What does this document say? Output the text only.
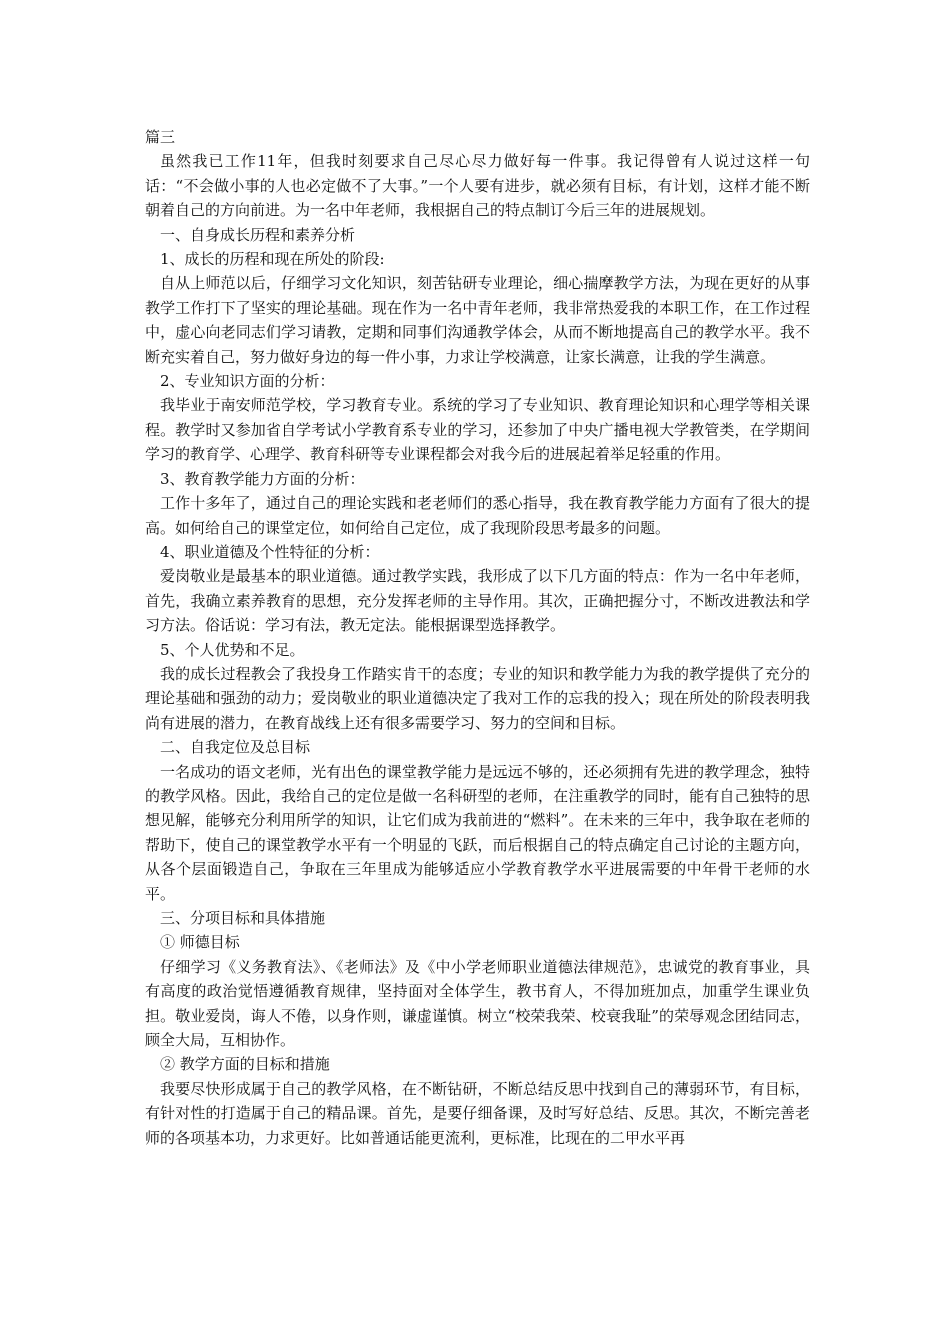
篇三

虽然我已工作11年，但我时刻要求自己尽心尽力做好每一件事。我记得曾有人说过这样一句话：“不会做小事的人也必定做不了大事。”一个人要有进步，就必须有目标，有计划，这样才能不断朝着自己的方向前进。为一名中年老师，我根据自己的特点制订今后三年的进展规划。

一、自身成长历程和素养分析

1、成长的历程和现在所处的阶段:

自从上师范以后，仔细学习文化知识，刻苦钻研专业理论，细心揣摩教学方法，为现在更好的从事教学工作打下了坚实的理论基础。现在作为一名中青年老师，我非常热爱我的本职工作，在工作过程中，虚心向老同志们学习请教，定期和同事们沟通教学体会，从而不断地提高自己的教学水平。我不断充实着自己，努力做好身边的每一件小事，力求让学校满意，让家长满意，让我的学生满意。

2、专业知识方面的分析：

我毕业于南安师范学校，学习教育专业。系统的学习了专业知识、教育理论知识和心理学等相关课程。教学时又参加省自学考试小学教育系专业的学习，还参加了中央广播电视大学教管类，在学期间学习的教育学、心理学、教育科研等专业课程都会对我今后的进展起着举足轻重的作用。

3、教育教学能力方面的分析：

工作十多年了，通过自己的理论实践和老老师们的悉心指导，我在教育教学能力方面有了很大的提高。如何给自己的课堂定位，如何给自己定位，成了我现阶段思考最多的问题。

4、职业道德及个性特征的分析：

爱岗敬业是最基本的职业道德。通过教学实践，我形成了以下几方面的特点：作为一名中年老师，首先，我确立素养教育的思想，充分发挥老师的主导作用。其次，正确把握分寸，不断改进教法和学习方法。俗话说：学习有法，教无定法。能根据课型选择教学。

5、个人优势和不足。

我的成长过程教会了我投身工作踏实肯干的态度；专业的知识和教学能力为我的教学提供了充分的理论基础和强劲的动力；爱岗敬业的职业道德决定了我对工作的忘我的投入；现在所处的阶段表明我尚有进展的潜力，在教育战线上还有很多需要学习、努力的空间和目标。

二、自我定位及总目标

一名成功的语文老师，光有出色的课堂教学能力是远远不够的，还必须拥有先进的教学理念，独特的教学风格。因此，我给自己的定位是做一名科研型的老师，在注重教学的同时，能有自己独特的思想见解，能够充分利用所学的知识，让它们成为我前进的“燃料”。在未来的三年中，我争取在老师的帮助下，使自己的课堂教学水平有一个明显的飞跃，而后根据自己的特点确定自己讨论的主题方向，从各个层面锻造自己，争取在三年里成为能够适应小学教育教学水平进展需要的中年骨干老师的水平。

三、分项目标和具体措施

① 师德目标

仔细学习《义务教育法》、《老师法》及《中小学老师职业道德法律规范》，忠诚党的教育事业，具有高度的政治觉悟遵循教育规律，坚持面对全体学生，教书育人，不得加班加点，加重学生课业负担。敬业爱岗，诲人不倦，以身作则，谦虚谨慎。树立“校荣我荣、校衰我耻”的荣辱观念团结同志，顾全大局，互相协作。

② 教学方面的目标和措施

我要尽快形成属于自己的教学风格，在不断钻研，不断总结反思中找到自己的薄弱环节，有目标，有针对性的打造属于自己的精品课。首先，是要仔细备课，及时写好总结、反思。其次，不断完善老师的各项基本功，力求更好。比如普通话能更流利，更标准，比现在的二甲水平再
